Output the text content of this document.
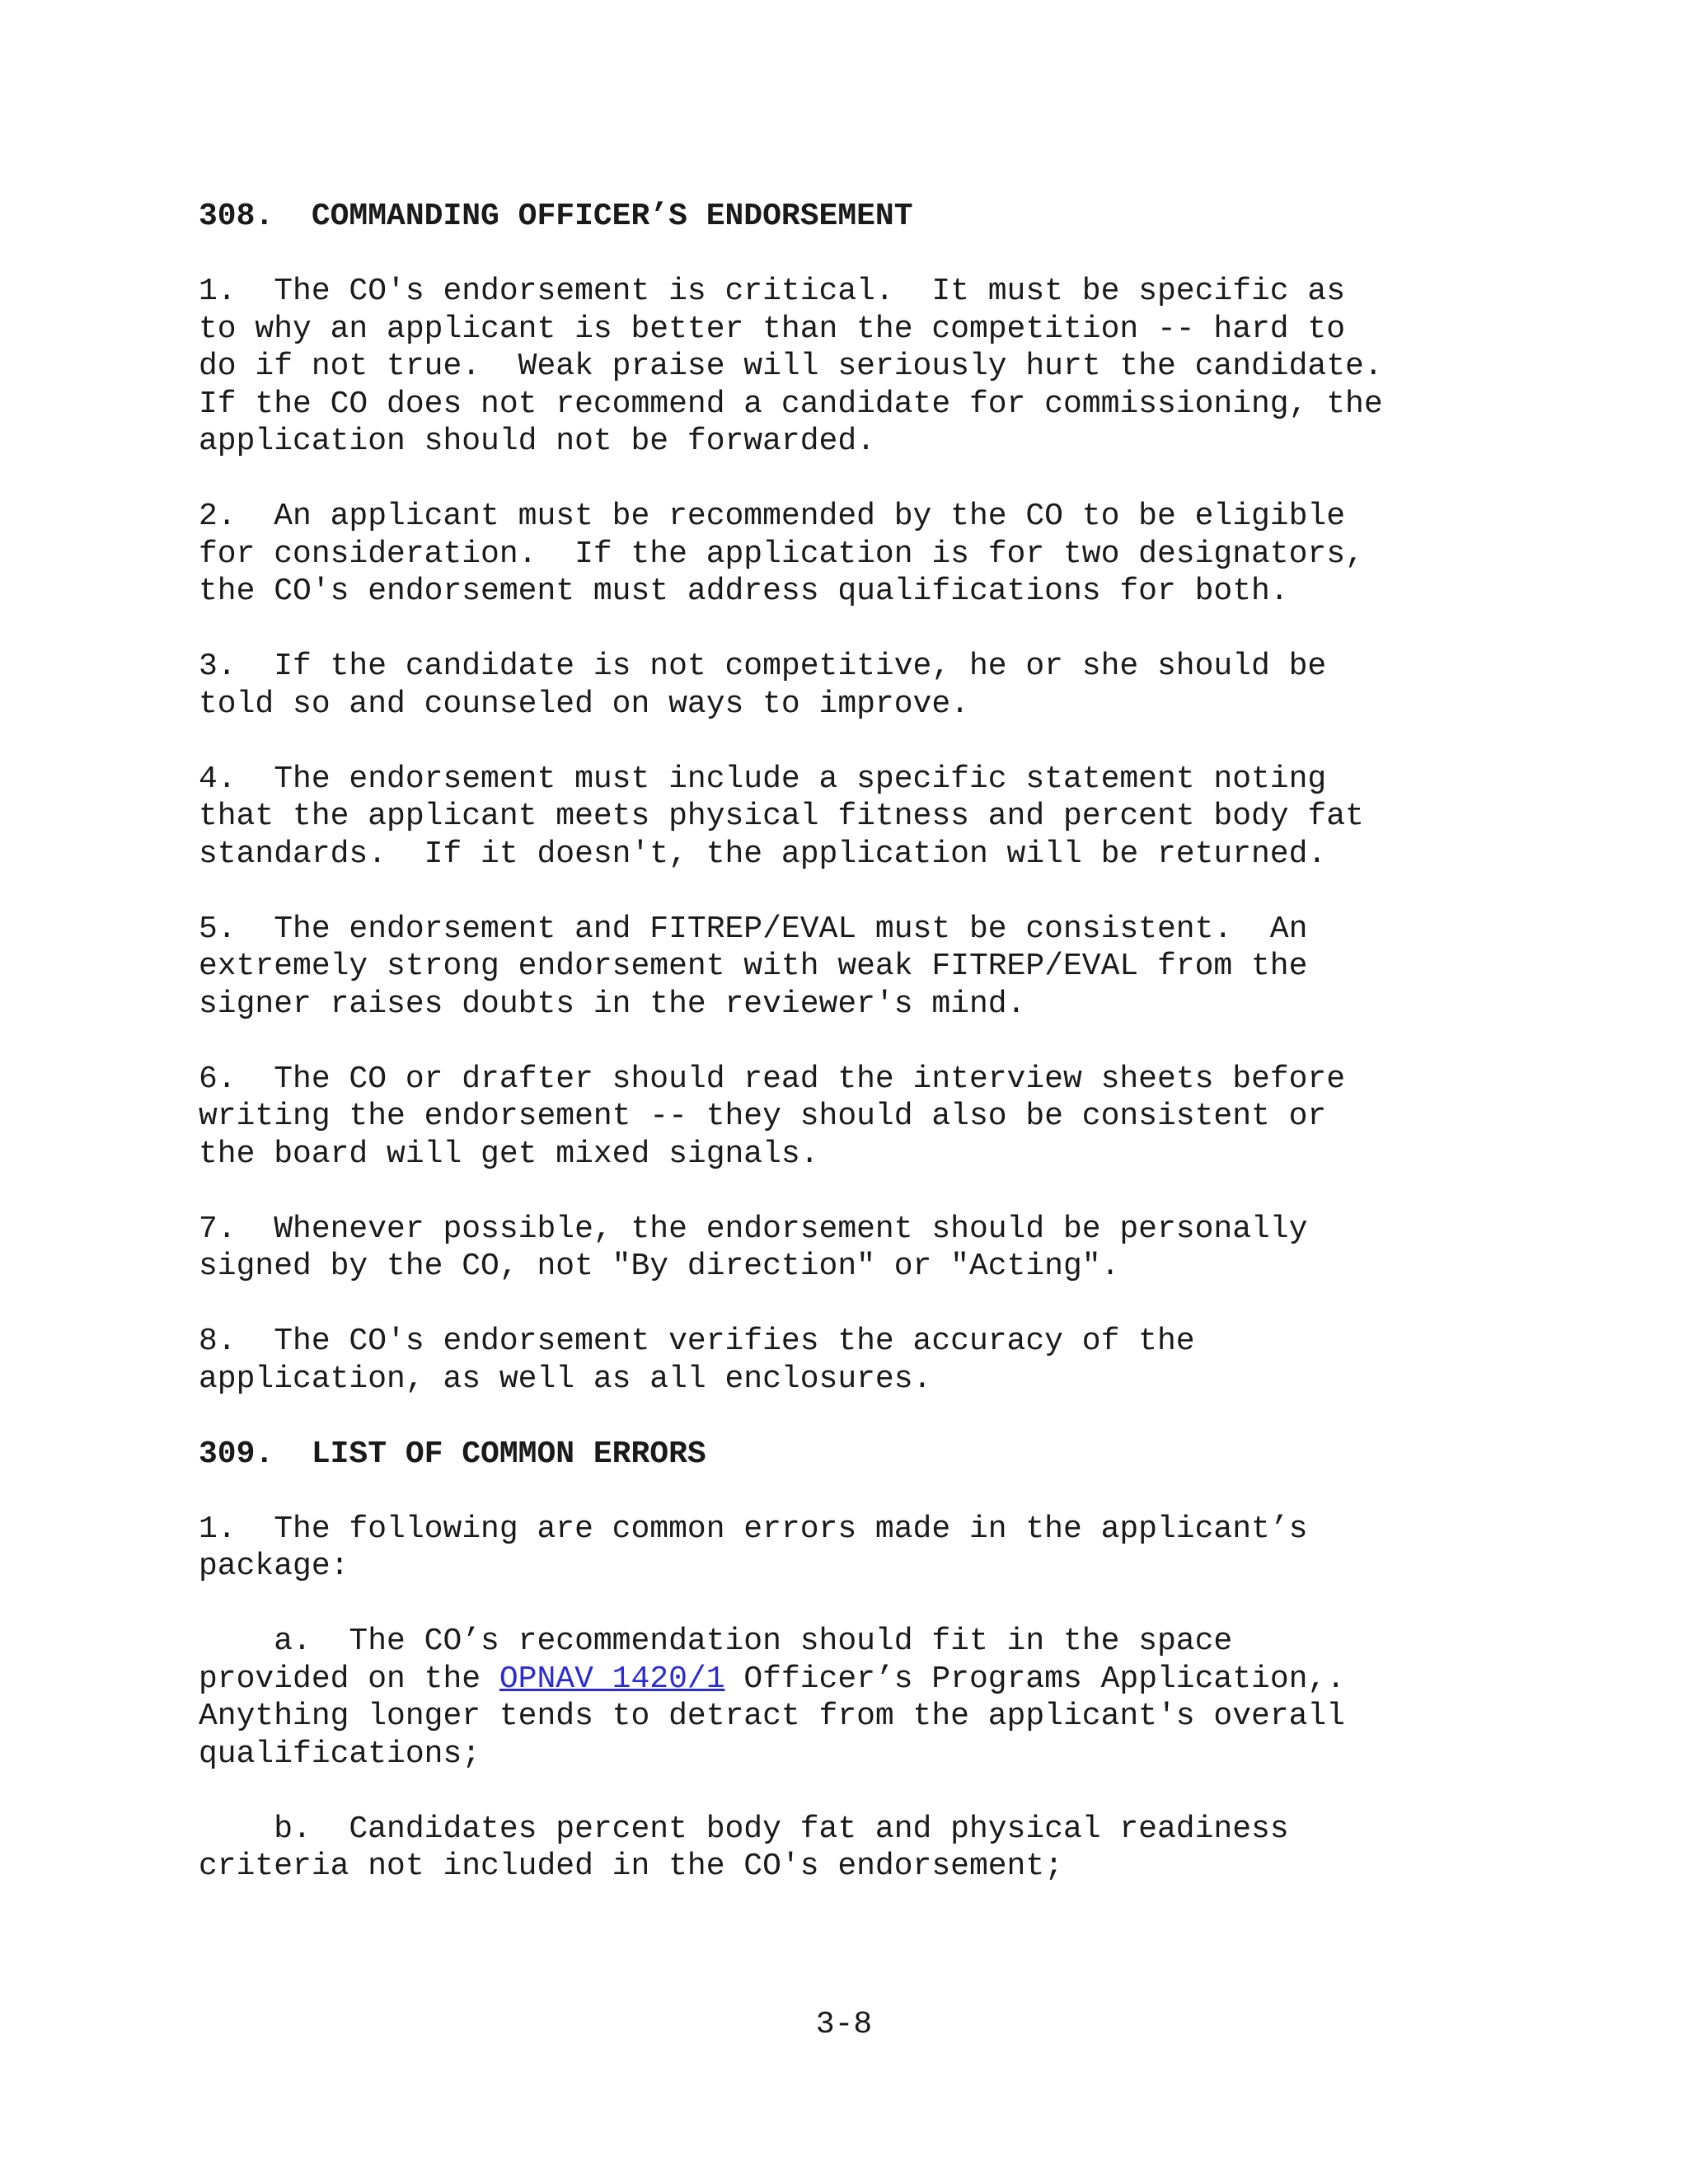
308.  COMMANDING OFFICER’S ENDORSEMENT
1.  The CO's endorsement is critical.  It must be specific as
to why an applicant is better than the competition -- hard to
do if not true.  Weak praise will seriously hurt the candidate.
If the CO does not recommend a candidate for commissioning, the
application should not be forwarded.
2.  An applicant must be recommended by the CO to be eligible
for consideration.  If the application is for two designators,
the CO's endorsement must address qualifications for both.
3.  If the candidate is not competitive, he or she should be
told so and counseled on ways to improve.
4.  The endorsement must include a specific statement noting
that the applicant meets physical fitness and percent body fat
standards.  If it doesn't, the application will be returned.
5.  The endorsement and FITREP/EVAL must be consistent.  An
extremely strong endorsement with weak FITREP/EVAL from the
signer raises doubts in the reviewer's mind.
6.  The CO or drafter should read the interview sheets before
writing the endorsement -- they should also be consistent or
the board will get mixed signals.
7.  Whenever possible, the endorsement should be personally
signed by the CO, not "By direction" or "Acting".
8.  The CO's endorsement verifies the accuracy of the
application, as well as all enclosures.
309.  LIST OF COMMON ERRORS
1.  The following are common errors made in the applicant’s
package:
a.  The CO’s recommendation should fit in the space
provided on the OPNAV 1420/1 Officer’s Programs Application,.
Anything longer tends to detract from the applicant's overall
qualifications;
b.  Candidates percent body fat and physical readiness
criteria not included in the CO's endorsement;
3-8
